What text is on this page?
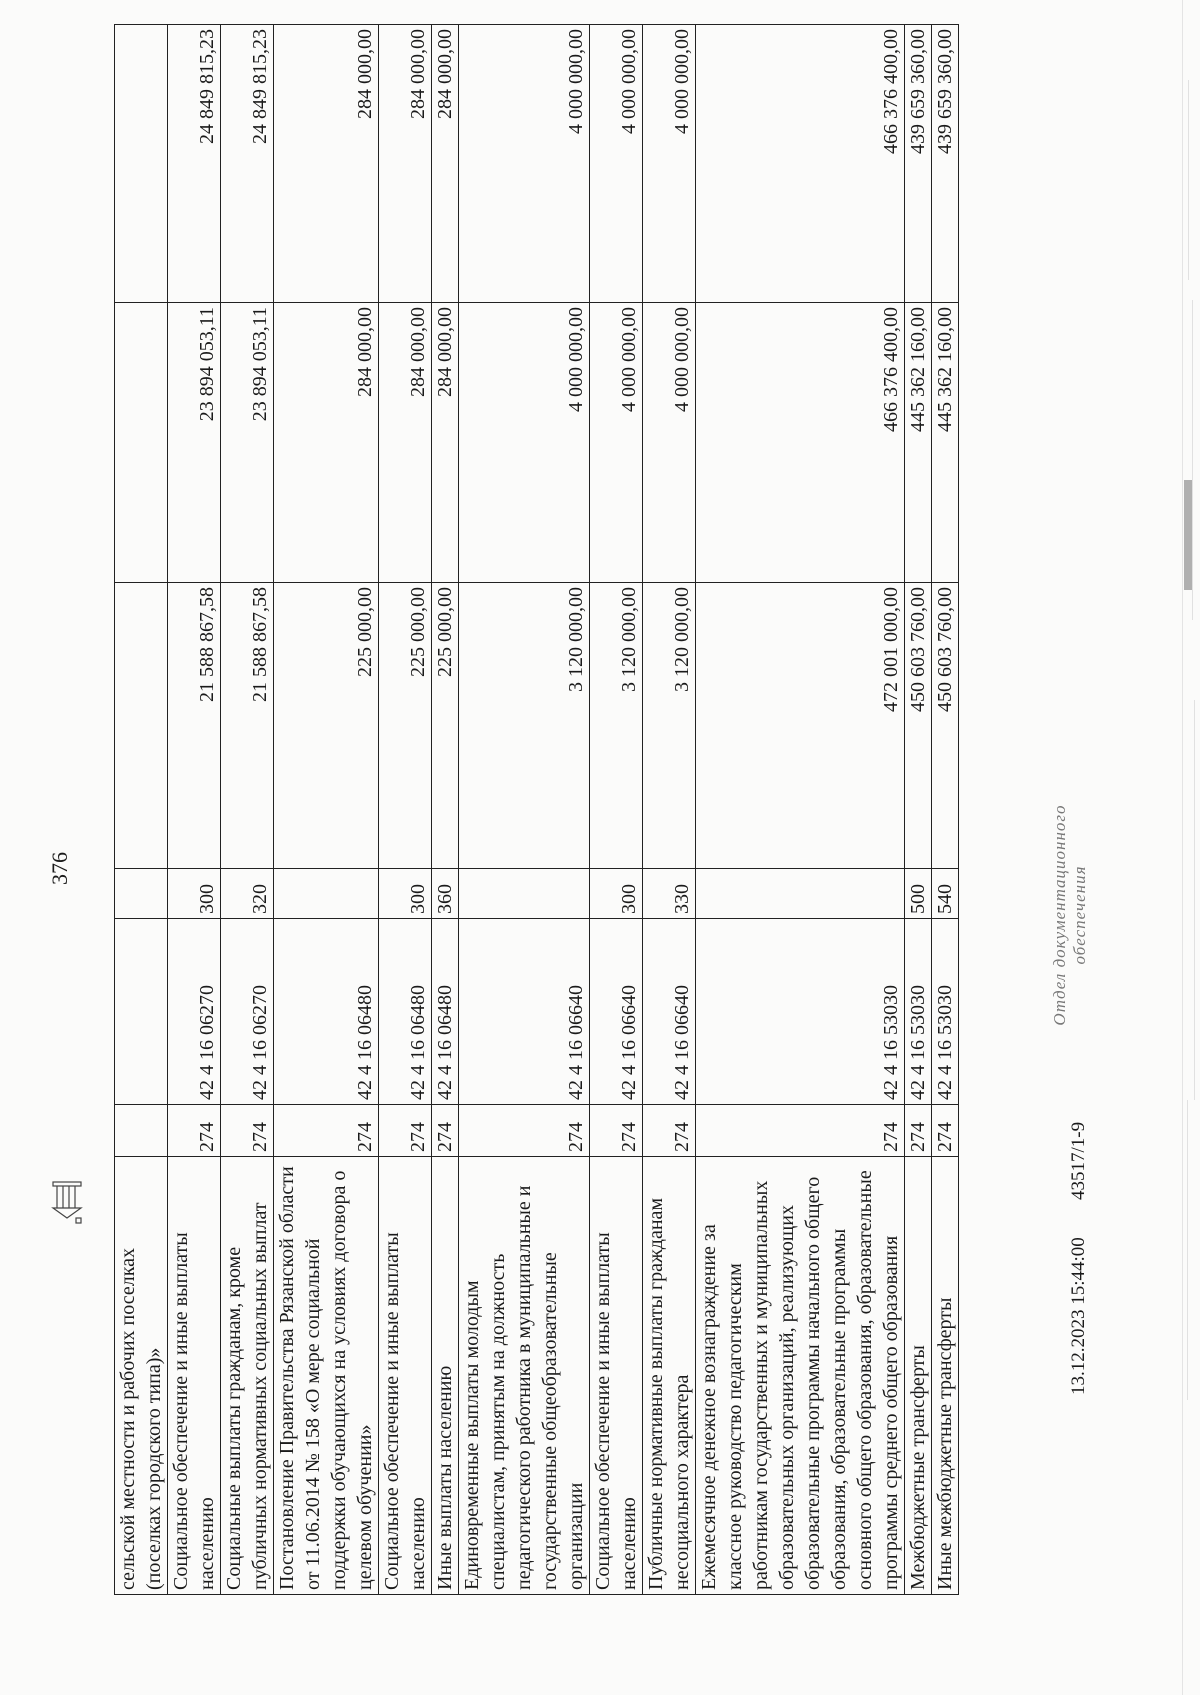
376
сельской местности и рабочих поселках (поселках городского типа)»						
Социальное обеспечение и иные выплаты населению	274	42 4 16 06270	300	21 588 867,58	23 894 053,11	24 849 815,23
Социальные выплаты гражданам, кроме публичных нормативных социальных выплат	274	42 4 16 06270	320	21 588 867,58	23 894 053,11	24 849 815,23
Постановление Правительства Рязанской области от 11.06.2014 № 158 «О мере социальной поддержки обучающихся на условиях договора о целевом обучении»	274	42 4 16 06480		225 000,00	284 000,00	284 000,00
Социальное обеспечение и иные выплаты населению	274	42 4 16 06480	300	225 000,00	284 000,00	284 000,00
Иные выплаты населению	274	42 4 16 06480	360	225 000,00	284 000,00	284 000,00
Единовременные выплаты молодым специалистам, принятым на должность педагогического работника в муниципальные и государственные общеобразовательные организации	274	42 4 16 06640		3 120 000,00	4 000 000,00	4 000 000,00
Социальное обеспечение и иные выплаты населению	274	42 4 16 06640	300	3 120 000,00	4 000 000,00	4 000 000,00
Публичные нормативные выплаты гражданам несоциального характера	274	42 4 16 06640	330	3 120 000,00	4 000 000,00	4 000 000,00
Ежемесячное денежное вознаграждение за классное руководство педагогическим работникам государственных и муниципальных образовательных организаций, реализующих образовательные программы начального общего образования, образовательные программы основного общего образования, образовательные программы среднего общего образования	274	42 4 16 53030		472 001 000,00	466 376 400,00	466 376 400,00
Межбюджетные трансферты	274	42 4 16 53030	500	450 603 760,00	445 362 160,00	439 659 360,00
Иные межбюджетные трансферты	274	42 4 16 53030	540	450 603 760,00	445 362 160,00	439 659 360,00
13.12.2023 15:44:00
43517/1-9
Отдел документационного обеспечения
